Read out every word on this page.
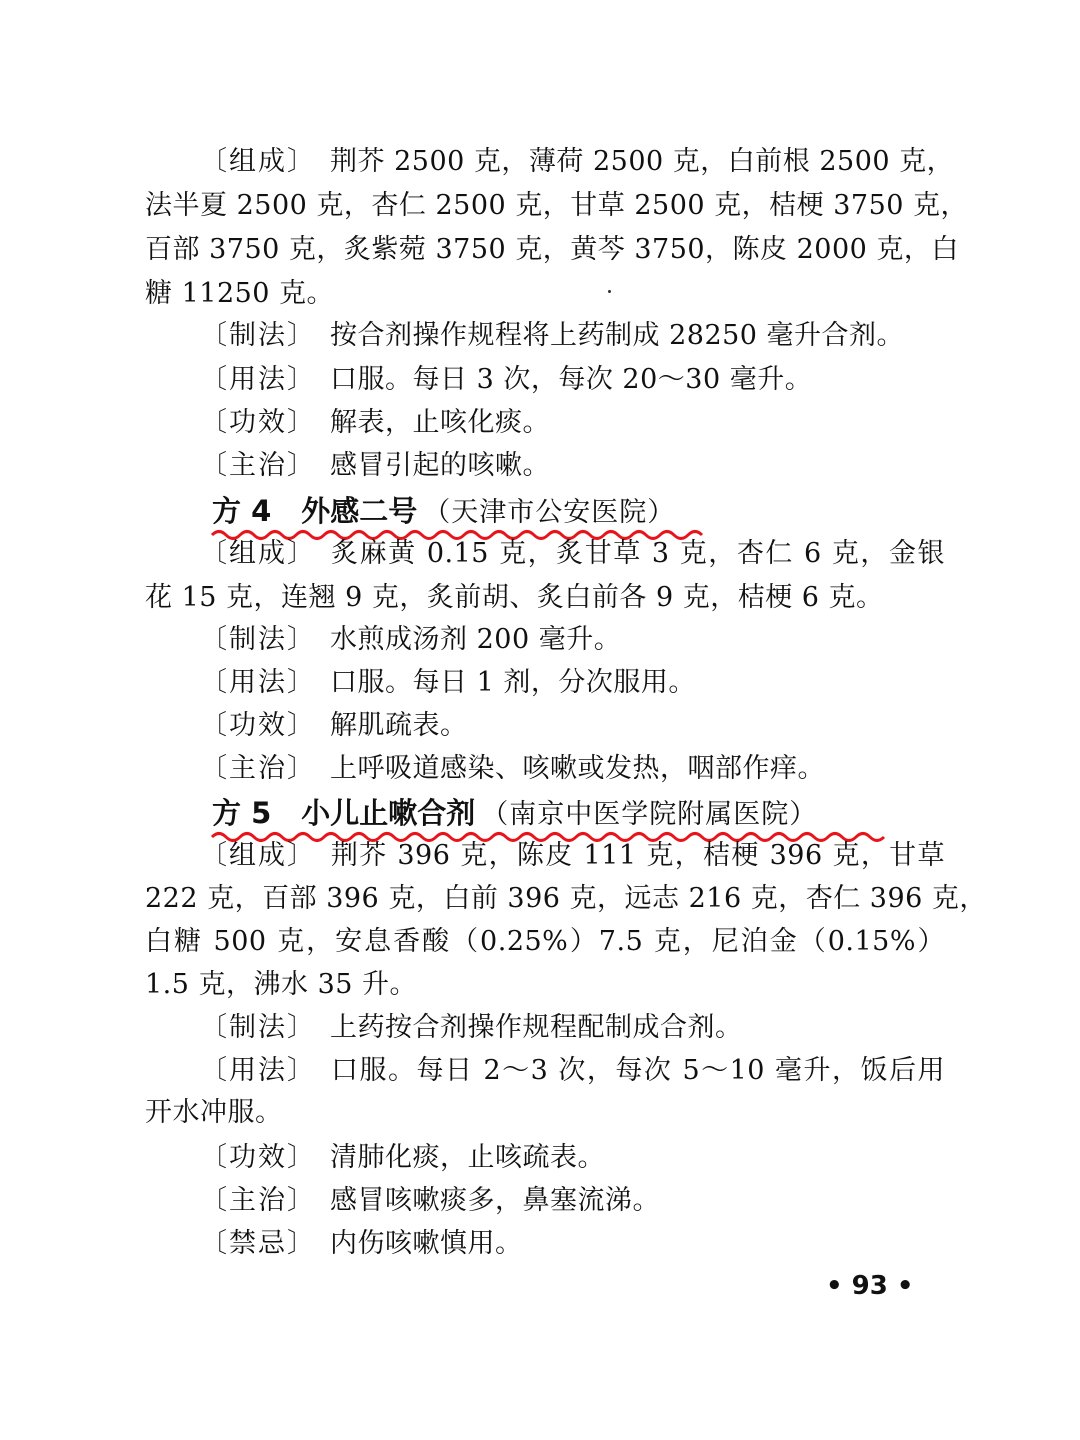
〔组成〕 荆芥 2500 克，薄荷 2500 克，白前根 2500 克，
法半夏 2500 克，杏仁 2500 克，甘草 2500 克，桔梗 3750 克，
百部 3750 克，炙紫菀 3750 克，黄芩 3750，陈皮 2000 克，白
糖 11250 克。
〔制法〕 按合剂操作规程将上药制成 28250 毫升合剂。
〔用法〕 口服。每日 3 次，每次 20～30 毫升。
〔功效〕 解表，止咳化痰。
〔主治〕 感冒引起的咳嗽。
方 4 外感二号 （天津市公安医院）
〔组成〕 炙麻黄 0.15 克，炙甘草 3 克，杏仁 6 克，金银
花 15 克，连翘 9 克，炙前胡、炙白前各 9 克，桔梗 6 克。
〔制法〕 水煎成汤剂 200 毫升。
〔用法〕 口服。每日 1 剂，分次服用。
〔功效〕 解肌疏表。
〔主治〕 上呼吸道感染、咳嗽或发热，咽部作痒。
方 5 小儿止嗽合剂 （南京中医学院附属医院）
〔组成〕 荆芥 396 克，陈皮 111 克，桔梗 396 克，甘草
222 克，百部 396 克，白前 396 克，远志 216 克，杏仁 396 克，
白糖 500 克，安息香酸（0.25%）7.5 克，尼泊金（0.15%）
1.5 克，沸水 35 升。
〔制法〕 上药按合剂操作规程配制成合剂。
〔用法〕 口服。每日 2～3 次，每次 5～10 毫升，饭后用
开水冲服。
〔功效〕 清肺化痰，止咳疏表。
〔主治〕 感冒咳嗽痰多，鼻塞流涕。
〔禁忌〕 内伤咳嗽慎用。
• 93 •
